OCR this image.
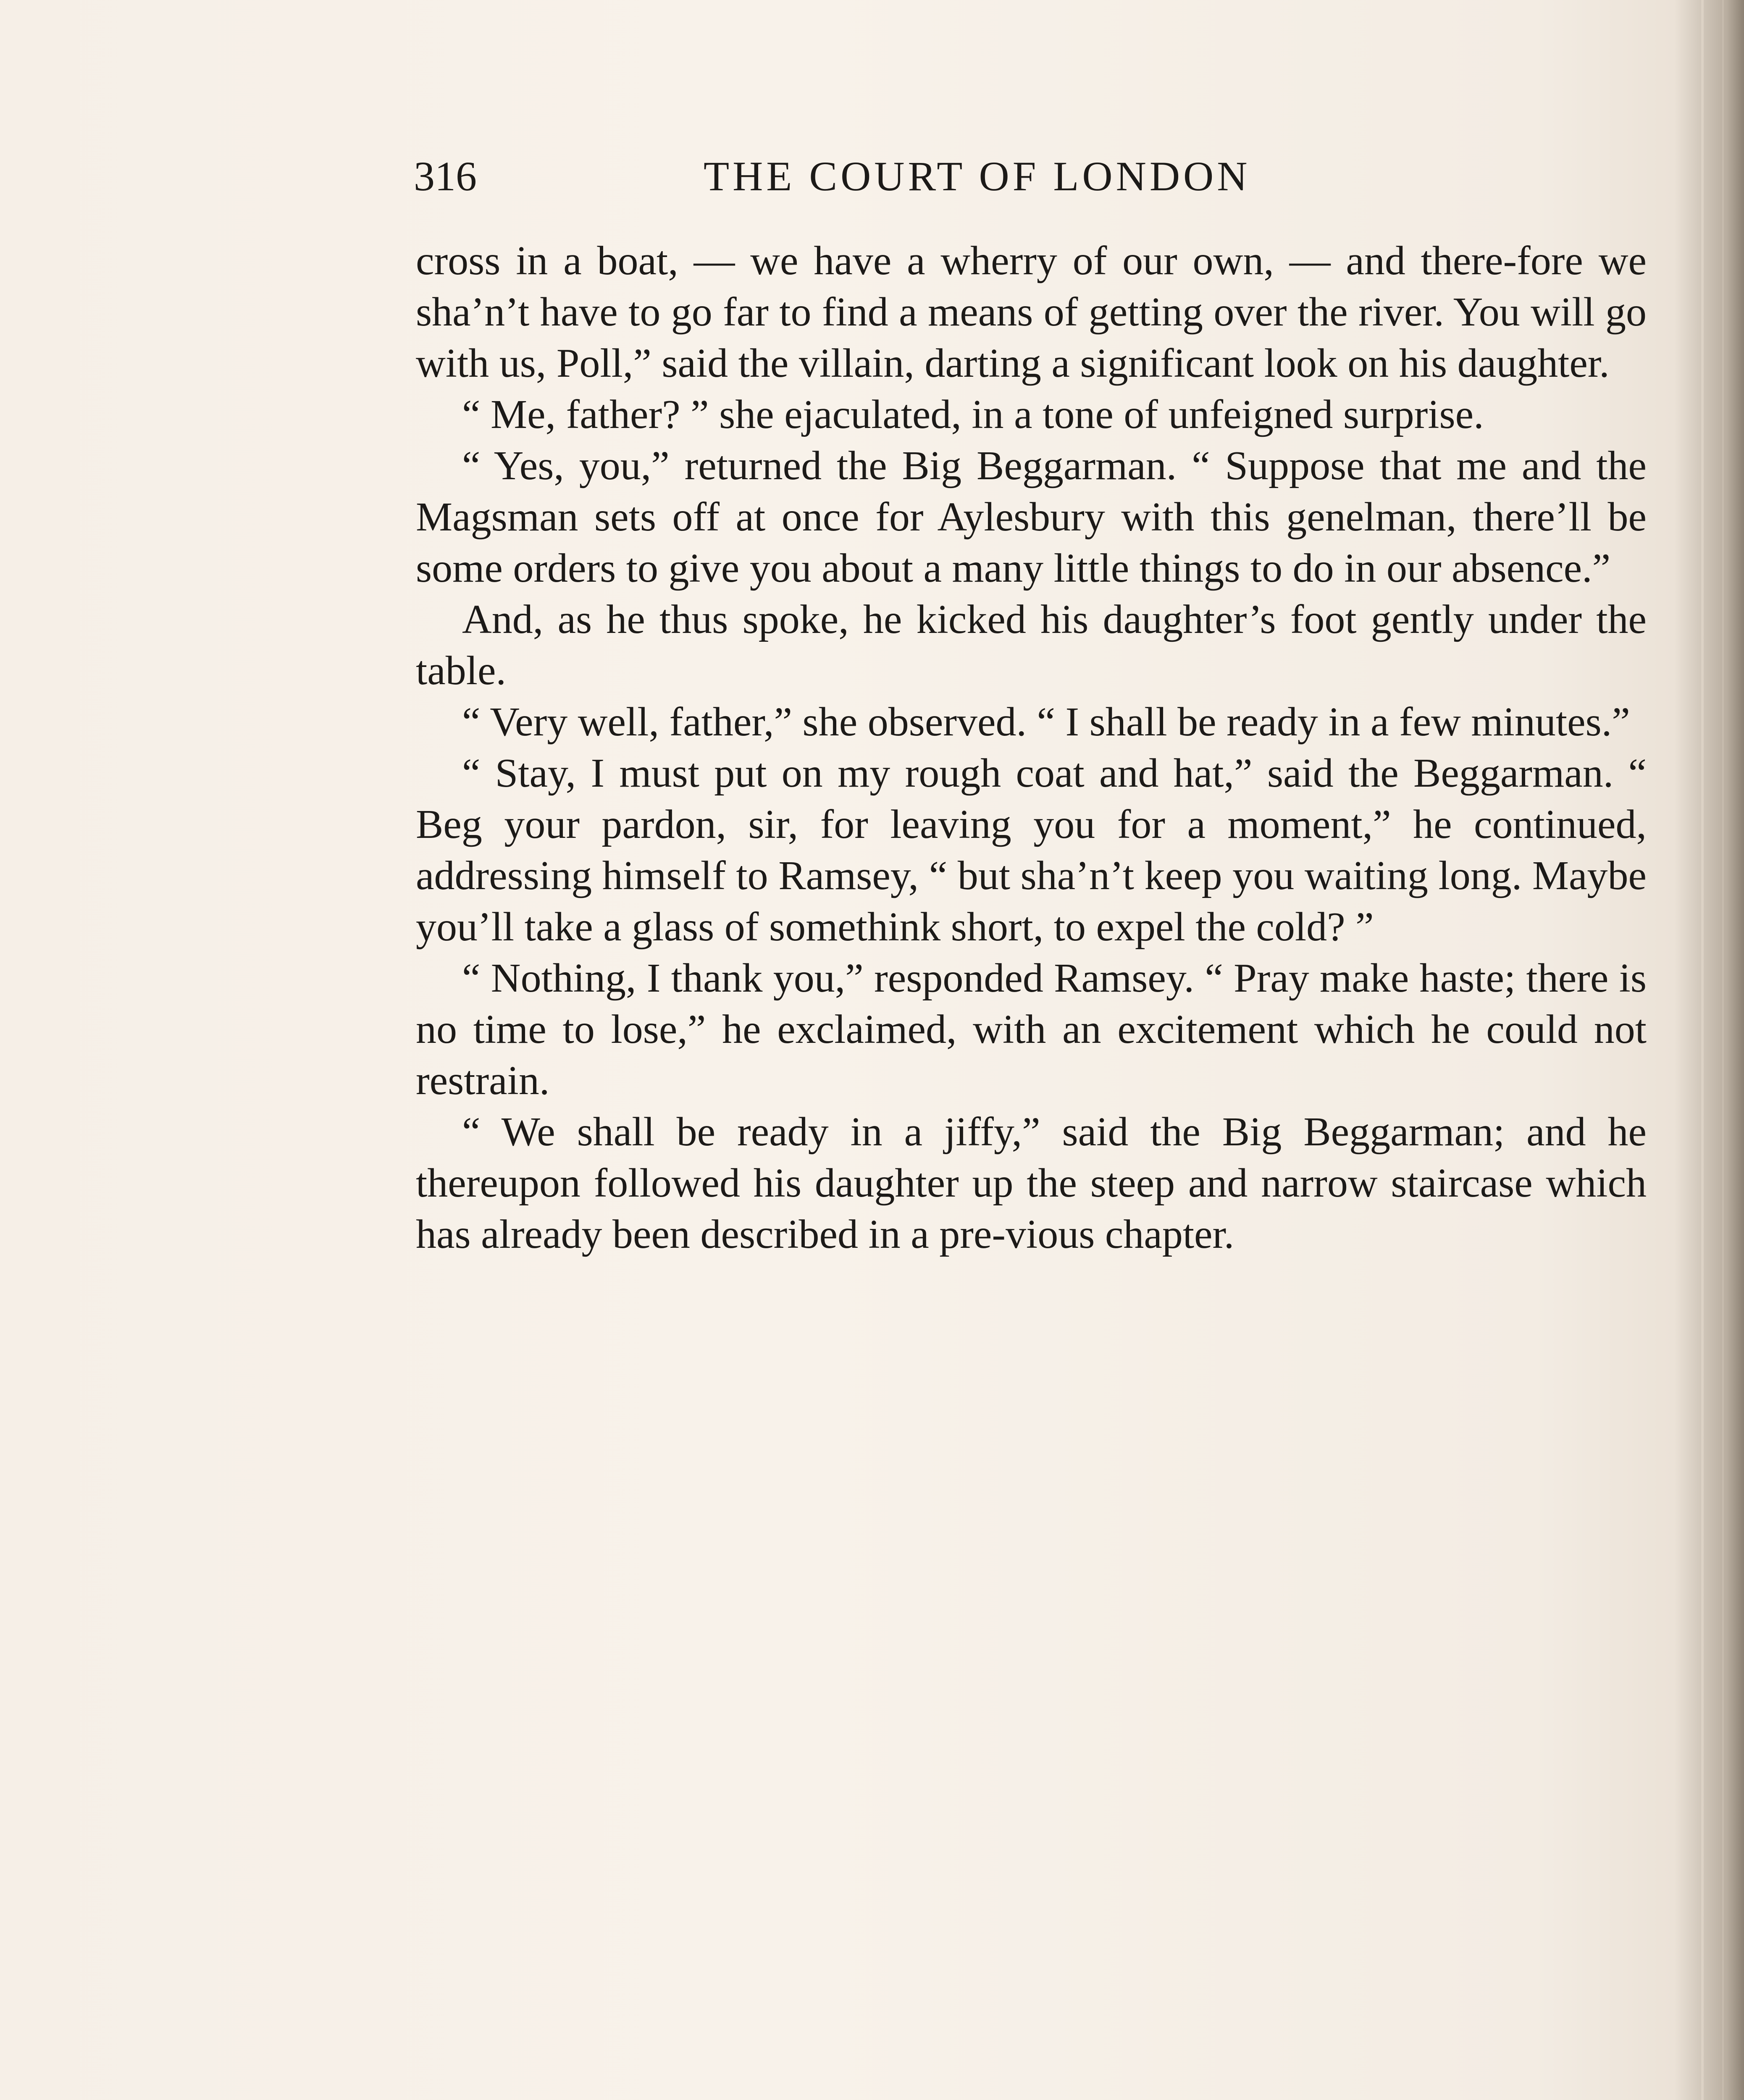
316	THE COURT OF LONDON

cross in a boat, — we have a wherry of our own, — and there-fore we sha’n’t have to go far to find a means of getting over the river. You will go with us, Poll,” said the villain, darting a significant look on his daughter.

“ Me, father? ” she ejaculated, in a tone of unfeigned surprise.

“ Yes, you,” returned the Big Beggarman. “ Suppose that me and the Magsman sets off at once for Aylesbury with this genelman, there’ll be some orders to give you about a many little things to do in our absence.”

And, as he thus spoke, he kicked his daughter’s foot gently under the table.

“ Very well, father,” she observed. “ I shall be ready in a few minutes.”

“ Stay, I must put on my rough coat and hat,” said the Beggarman. “ Beg your pardon, sir, for leaving you for a moment,” he continued, addressing himself to Ramsey, “ but sha’n’t keep you waiting long. Maybe you’ll take a glass of somethink short, to expel the cold? ”

“ Nothing, I thank you,” responded Ramsey. “ Pray make haste; there is no time to lose,” he exclaimed, with an excitement which he could not restrain.

“ We shall be ready in a jiffy,” said the Big Beggarman; and he thereupon followed his daughter up the steep and narrow staircase which has already been described in a pre-vious chapter.
